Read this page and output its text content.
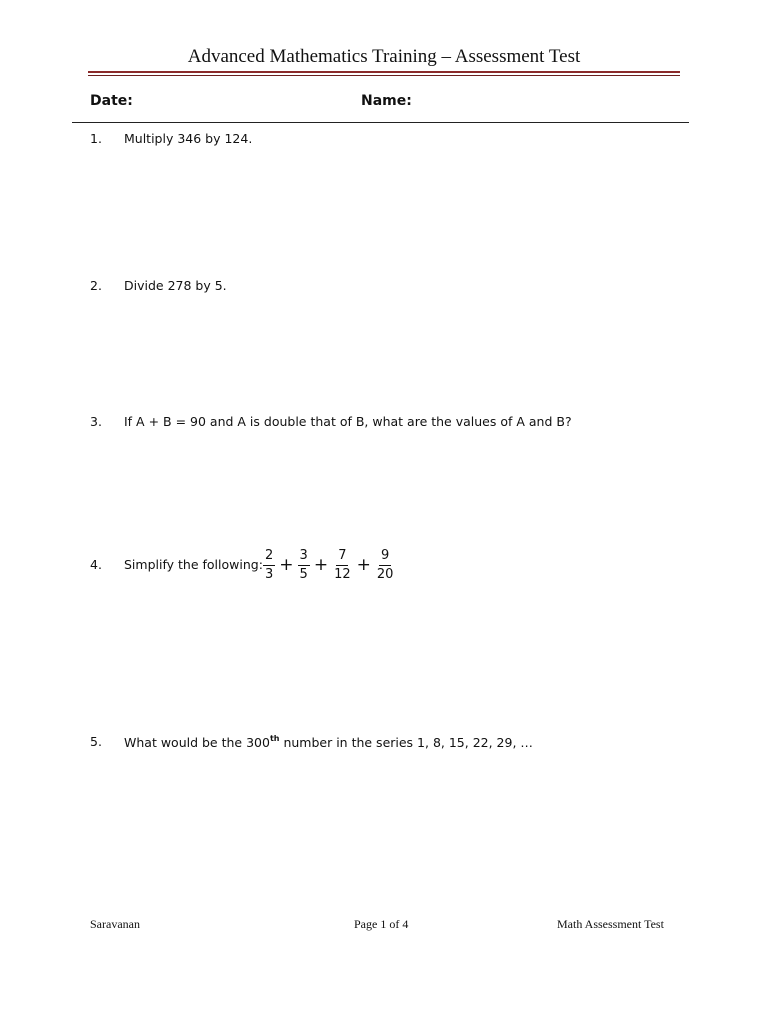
Advanced Mathematics Training – Assessment Test
Date:	Name:
1.	Multiply 346 by 124.
2.	Divide 278 by 5.
3.	If A + B = 90 and A is double that of B, what are the values of A and B?
4.	Simplify the following: $\frac{2}{3} + \frac{3}{5} + \frac{7}{12} + \frac{9}{20}$
5.	What would be the 300th number in the series 1, 8, 15, 22, 29, …
Saravanan	Page 1 of 4	Math Assessment Test
